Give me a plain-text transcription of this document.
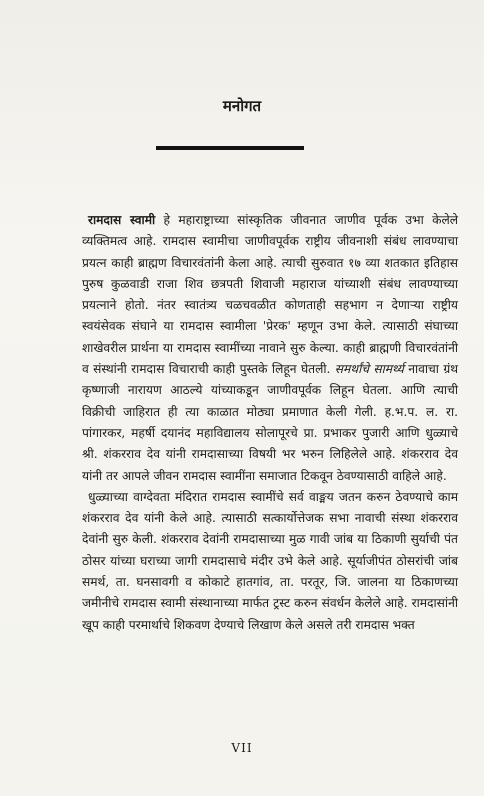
मनोगत

रामदास स्वामी हे महाराष्ट्राच्या सांस्कृतिक जीवनात जाणीव पूर्वक उभा केलेले व्यक्तिमत्व आहे. रामदास स्वामीचा जाणीवपूर्वक राष्ट्रीय जीवनाशी संबंध लावण्याचा प्रयत्न काही ब्राह्मण विचारवंतांनी केला आहे. त्याची सुरुवात १७ व्या शतकात इतिहास पुरुष कुळवाडी राजा शिव छत्रपती शिवाजी महाराज यांच्याशी संबंध लावण्याच्या प्रयत्नाने होतो. नंतर स्वातंत्र्य चळचवळीत कोणताही सहभाग न देणाऱ्या राष्ट्रीय स्वयंसेवक संघाने या रामदास स्वामीला 'प्रेरक' म्हणून उभा केले. त्यासाठी संघाच्या शाखेवरील प्रार्थना या रामदास स्वामींच्या नावाने सुरु केल्या. काही ब्राह्मणी विचारवंतांनी व संस्थांनी रामदास विचाराची काही पुस्तके लिहून घेतली. समर्थांचे सामर्थ्य नावाचा ग्रंथ कृष्णाजी नारायण आठल्ये यांच्याकडून जाणीवपूर्वक लिहून घेतला. आणि त्याची विक्रीची जाहिरात ही त्या काळात मोठ्या प्रमाणात केली गेली. ह.भ.प. ल. रा. पांगारकर, महर्षी दयानंद महाविद्यालय सोलापूरचे प्रा. प्रभाकर पुजारी आणि धुळ्याचे श्री. शंकरराव देव यांनी रामदासाच्या विषयी भर भरुन लिहिलेले आहे. शंकरराव देव यांनी तर आपले जीवन रामदास स्वामींना समाजात टिकवून ठेवण्यासाठी वाहिले आहे.

धुळ्याच्या वाग्देवता मंदिरात रामदास स्वामींचे सर्व वाङ्मय जतन करुन ठेवण्याचे काम शंकरराव देव यांनी केले आहे. त्यासाठी सत्कार्योत्तेजक सभा नावाची संस्था शंकरराव देवांनी सुरु केली. शंकरराव देवांनी रामदासाच्या मुळ गावी जांब या ठिकाणी सुर्याची पंत ठोसर यांच्या घराच्या जागी रामदासाचे मंदीर उभे केले आहे. सूर्याजीपंत ठोसरांची जांब समर्थ, ता. घनसावगी व कोकाटे हातगांव, ता. परतूर, जि. जालना या ठिकाणच्या जमीनीचे रामदास स्वामी संस्थानाच्या मार्फत ट्रस्ट करुन संवर्धन केलेले आहे. रामदासांनी खूप काही परमार्थाचे शिकवण देण्याचे लिखाण केले असले तरी रामदास भक्त

VII
